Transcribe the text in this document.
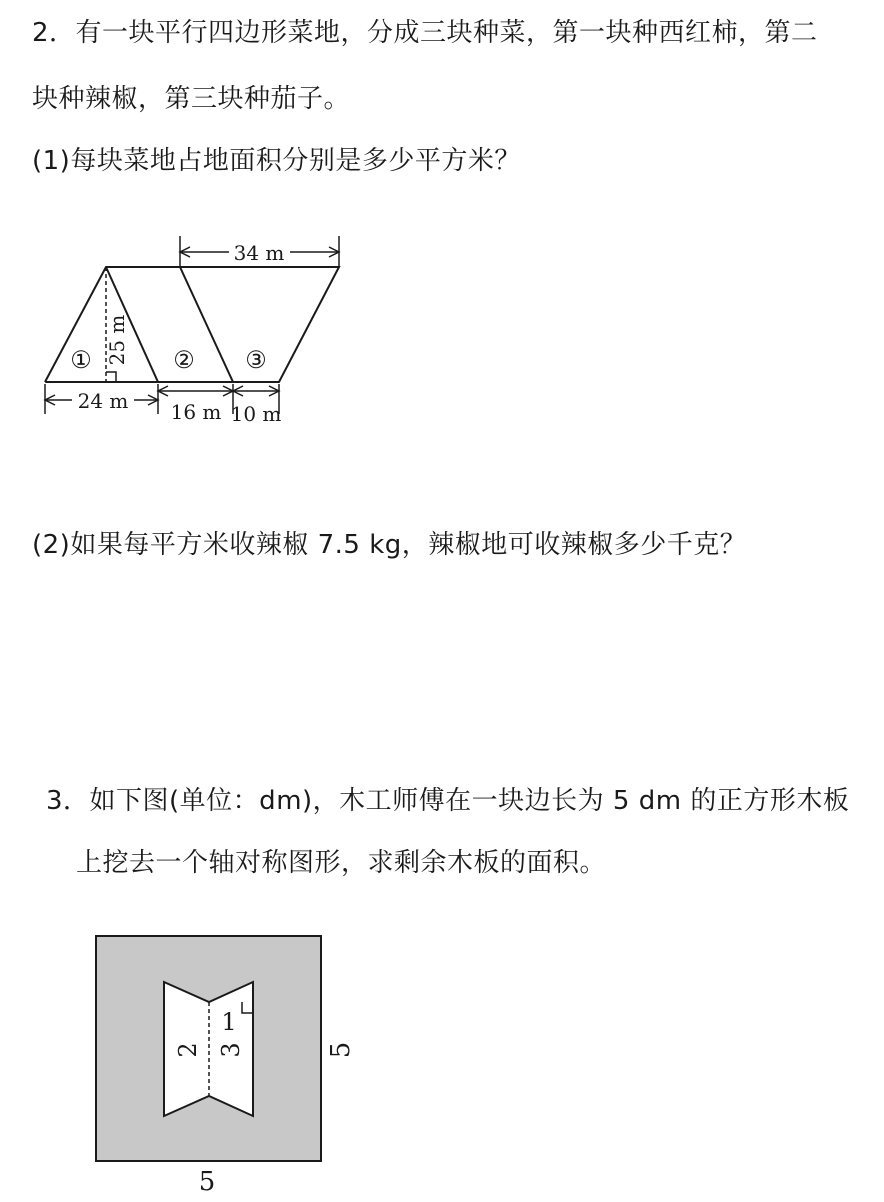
2．有一块平行四边形菜地，分成三块种菜，第一块种西红柿，第二
块种辣椒，第三块种茄子。
(1)每块菜地占地面积分别是多少平方米？
34 m
25 m
24 m 16 m 10 m
①	② ③
(2)如果每平方米收辣椒 7.5 kg，辣椒地可收辣椒多少千克？
3．如下图(单位：dm)，木工师傅在一块边长为 5 dm 的正方形木板
上挖去一个轴对称图形，求剩余木板的面积。
2 3
1
5
5
